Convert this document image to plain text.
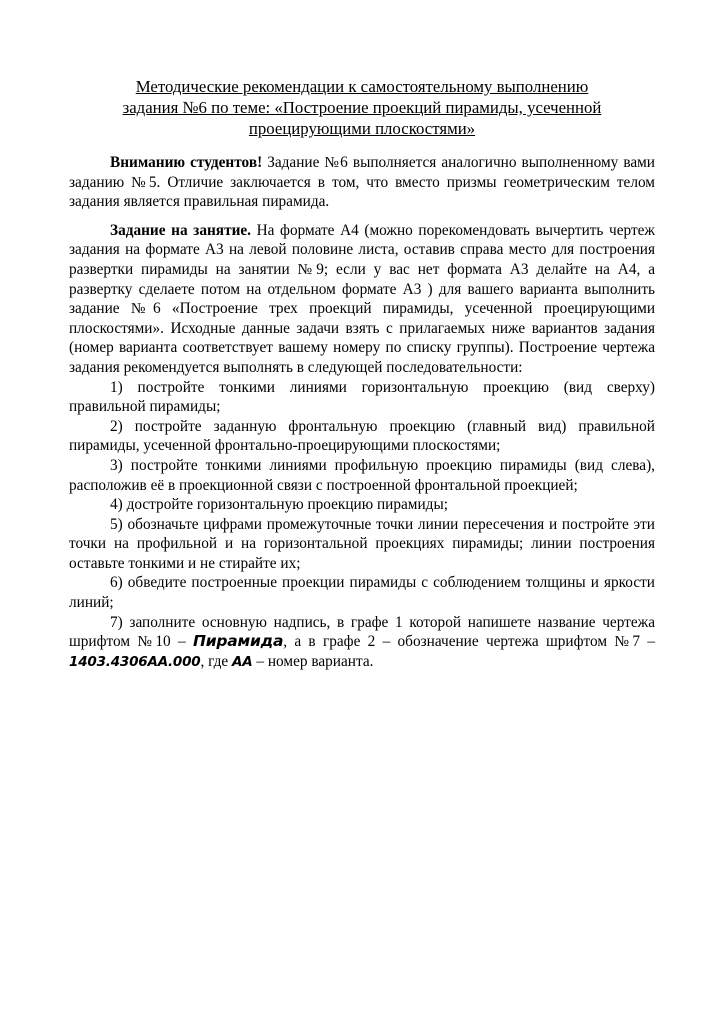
Методические рекомендации к самостоятельному выполнению
задания №6 по теме: «Построение проекций пирамиды, усеченной
проецирующими плоскостями»

Вниманию студентов! Задание №6 выполняется аналогично выполненному вами заданию №5. Отличие заключается в том, что вместо призмы геометрическим телом задания является правильная пирамида.

Задание на занятие. На формате А4 (можно порекомендовать вычертить чертеж задания на формате А3 на левой половине листа, оставив справа место для построения развертки пирамиды на занятии №9; если у вас нет формата А3 делайте на А4, а развертку сделаете потом на отдельном формате А3 ) для вашего варианта выполнить задание №6 «Построение трех проекций пирамиды, усеченной проецирующими плоскостями». Исходные данные задачи взять с прилагаемых ниже вариантов задания (номер варианта соответствует вашему номеру по списку группы). Построение чертежа задания рекомендуется выполнять в следующей последовательности:

1) постройте тонкими линиями горизонтальную проекцию (вид сверху) правильной пирамиды;

2) постройте заданную фронтальную проекцию (главный вид) правильной пирамиды, усеченной фронтально-проецирующими плоскостями;

3) постройте тонкими линиями профильную проекцию пирамиды (вид слева), расположив её в проекционной связи с построенной фронтальной проекцией;

4) достройте горизонтальную проекцию пирамиды;

5) обозначьте цифрами промежуточные точки линии пересечения и постройте эти точки на профильной и на горизонтальной проекциях пирамиды; линии построения оставьте тонкими и не стирайте их;

6) обведите построенные проекции пирамиды с соблюдением толщины и яркости линий;

7) заполните основную надпись, в графе 1 которой напишете название чертежа шрифтом №10 – Пирамида, а в графе 2 – обозначение чертежа шрифтом №7 – 1403.4306АА.000, где АА – номер варианта.
